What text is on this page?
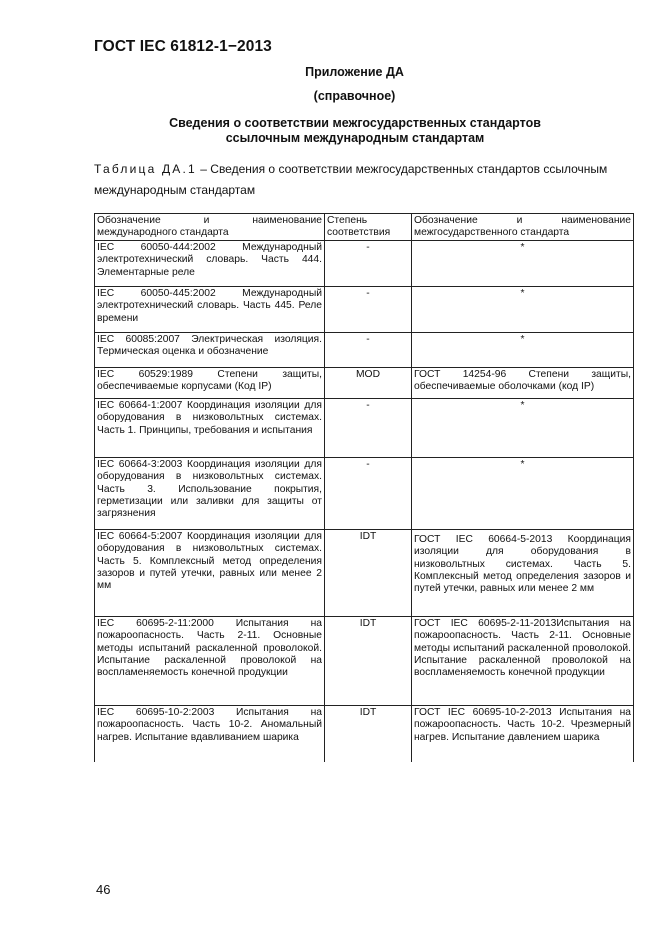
ГОСТ IEC 61812-1−2013
Приложение ДА
(справочное)
Сведения о соответствии межгосударственных стандартов
ссылочным международным стандартам
Таблица ДА.1 – Сведения о соответствии межгосударственных стандартов ссылочным международным стандартам
Обозначение и наименование международного стандарта	Степень соответствия	Обозначение и наименование межгосударственного стандарта
IEC 60050-444:2002 Международный электротехнический словарь. Часть 444. Элементарные реле	-	*

IEC 60050-445:2002 Международный электротехнический словарь. Часть 445. Реле времени	-	*

IEC 60085:2007 Электрическая изоляция. Термическая оценка и обозначение	-	*

IEC 60529:1989 Степени защиты, обеспечиваемые корпусами (Код IP)	MOD	ГОСТ 14254-96 Степени защиты, обеспечиваемые оболочками (код IP)
IEC 60664-1:2007 Координация изоляции для оборудования в низковольтных системах. Часть 1. Принципы, требования и испытания	-	*

IEC 60664-3:2003 Координация изоляции для оборудования в низковольтных системах. Часть 3. Использование покрытия, герметизации или заливки для защиты от загрязнения	-	*

IEC 60664-5:2007 Координация изоляции для оборудования в низковольтных системах. Часть 5. Комплексный метод определения зазоров и путей утечки, равных или менее 2 мм	IDT	ГОСТ IEC 60664-5-2013 Координация изоляции для оборудования в низковольтных системах. Часть 5. Комплексный метод определения зазоров и путей утечки, равных или менее 2 мм
IEC 60695-2-11:2000 Испытания на пожароопасность. Часть 2-11. Основные методы испытаний раскаленной проволокой. Испытание раскаленной проволокой на воспламеняемость конечной продукции	IDT	ГОСТ IEC 60695-2-11-2013Испытания на пожароопасность. Часть 2-11. Основные методы испытаний раскаленной проволокой. Испытание раскаленной проволокой на воспламеняемость конечной продукции
IEC 60695-10-2:2003 Испытания на пожароопасность. Часть 10-2. Аномальный нагрев. Испытание вдавливанием шарика	IDT	ГОСТ IEC 60695-10-2-2013 Испытания на пожароопасность. Часть 10-2. Чрезмерный нагрев. Испытание давлением шарика
46
